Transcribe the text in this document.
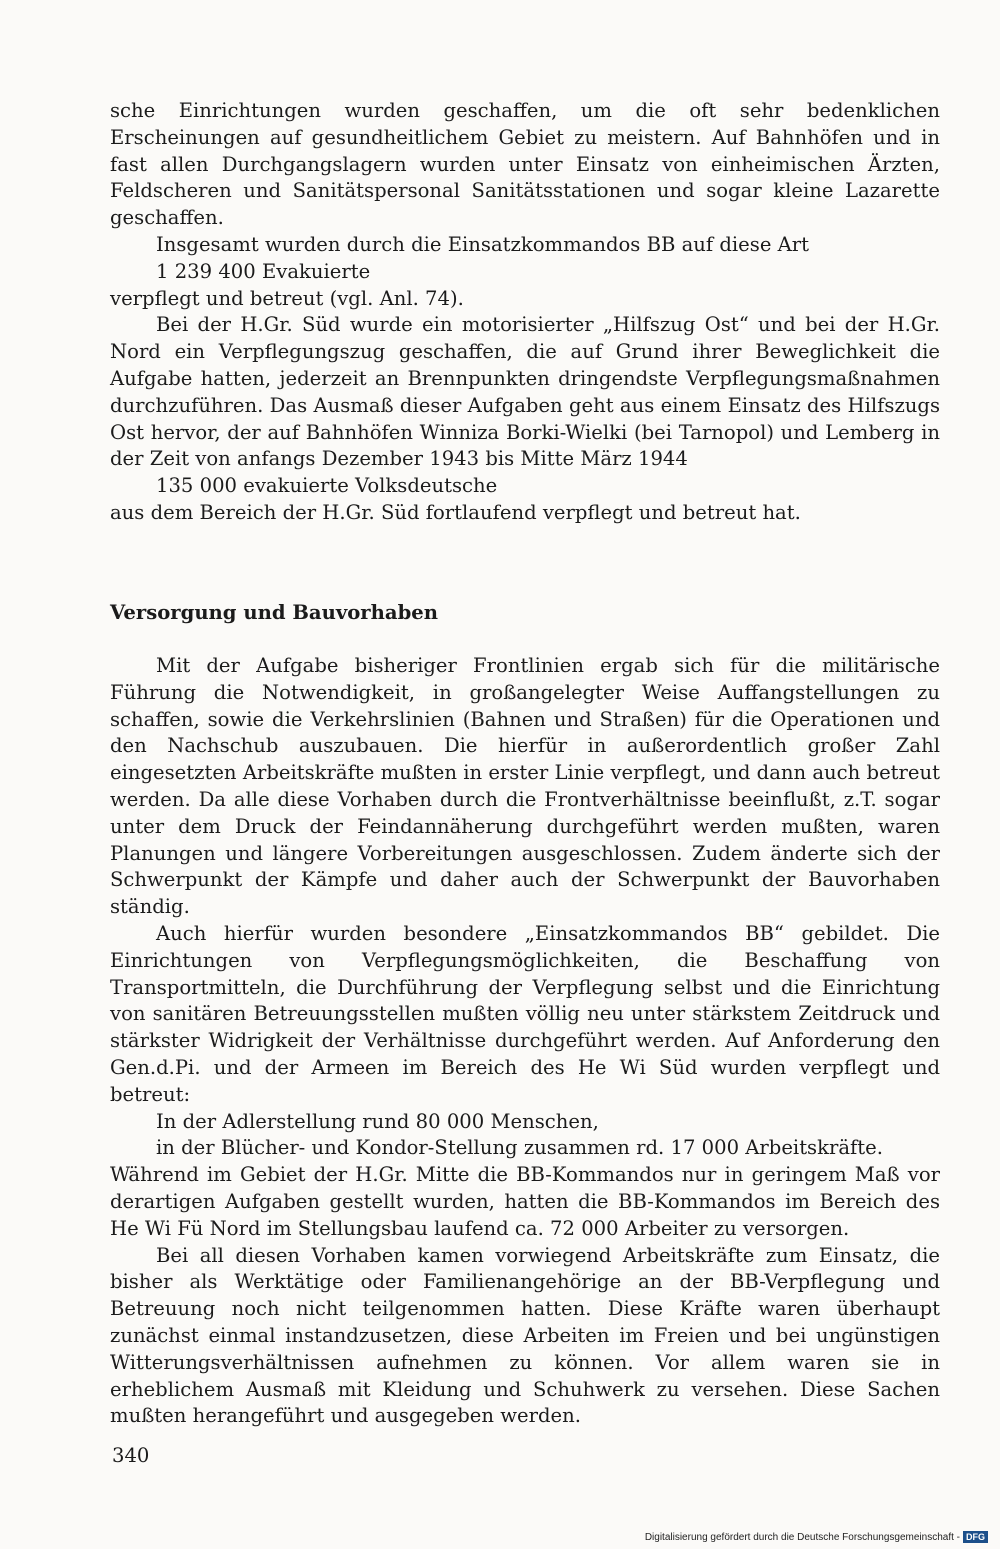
sche Einrichtungen wurden geschaffen, um die oft sehr bedenklichen Erscheinungen auf gesundheitlichem Gebiet zu meistern. Auf Bahnhöfen und in fast allen Durchgangslagern wurden unter Einsatz von einheimischen Ärzten, Feldscheren und Sanitätspersonal Sanitätsstationen und sogar kleine Lazarette geschaffen.

Insgesamt wurden durch die Einsatzkommandos BB auf diese Art

1 239 400 Evakuierte

verpflegt und betreut (vgl. Anl. 74).

Bei der H.Gr. Süd wurde ein motorisierter „Hilfszug Ost“ und bei der H.Gr. Nord ein Verpflegungszug geschaffen, die auf Grund ihrer Beweglichkeit die Aufgabe hatten, jederzeit an Brennpunkten dringendste Verpflegungsmaßnahmen durchzuführen. Das Ausmaß dieser Aufgaben geht aus einem Einsatz des Hilfszugs Ost hervor, der auf Bahnhöfen Winniza Borki-Wielki (bei Tarnopol) und Lemberg in der Zeit von anfangs Dezember 1943 bis Mitte März 1944

135 000 evakuierte Volksdeutsche

aus dem Bereich der H.Gr. Süd fortlaufend verpflegt und betreut hat.

Versorgung und Bauvorhaben

Mit der Aufgabe bisheriger Frontlinien ergab sich für die militärische Führung die Notwendigkeit, in großangelegter Weise Auffangstellungen zu schaffen, sowie die Verkehrslinien (Bahnen und Straßen) für die Operationen und den Nachschub auszubauen. Die hierfür in außerordentlich großer Zahl eingesetzten Arbeitskräfte mußten in erster Linie verpflegt, und dann auch betreut werden. Da alle diese Vorhaben durch die Frontverhältnisse beeinflußt, z.T. sogar unter dem Druck der Feindannäherung durchgeführt werden mußten, waren Planungen und längere Vorbereitungen ausgeschlossen. Zudem änderte sich der Schwerpunkt der Kämpfe und daher auch der Schwerpunkt der Bauvorhaben ständig.

Auch hierfür wurden besondere „Einsatzkommandos BB“ gebildet. Die Einrichtungen von Verpflegungsmöglichkeiten, die Beschaffung von Transportmitteln, die Durchführung der Verpflegung selbst und die Einrichtung von sanitären Betreuungsstellen mußten völlig neu unter stärkstem Zeitdruck und stärkster Widrigkeit der Verhältnisse durchgeführt werden. Auf Anforderung den Gen.d.Pi. und der Armeen im Bereich des He Wi Süd wurden verpflegt und betreut:

In der Adlerstellung rund 80 000 Menschen,

in der Blücher- und Kondor-Stellung zusammen rd. 17 000 Arbeitskräfte.

Während im Gebiet der H.Gr. Mitte die BB-Kommandos nur in geringem Maß vor derartigen Aufgaben gestellt wurden, hatten die BB-Kommandos im Bereich des He Wi Fü Nord im Stellungsbau laufend ca. 72 000 Arbeiter zu versorgen.

Bei all diesen Vorhaben kamen vorwiegend Arbeitskräfte zum Einsatz, die bisher als Werktätige oder Familienangehörige an der BB-Verpflegung und Betreuung noch nicht teilgenommen hatten. Diese Kräfte waren überhaupt zunächst einmal instandzusetzen, diese Arbeiten im Freien und bei ungünstigen Witterungsverhältnissen aufnehmen zu können. Vor allem waren sie in erheblichem Ausmaß mit Kleidung und Schuhwerk zu versehen. Diese Sachen mußten herangeführt und ausgegeben werden.

340
Digitalisierung gefördert durch die Deutsche Forschungsgemeinschaft - DFG
